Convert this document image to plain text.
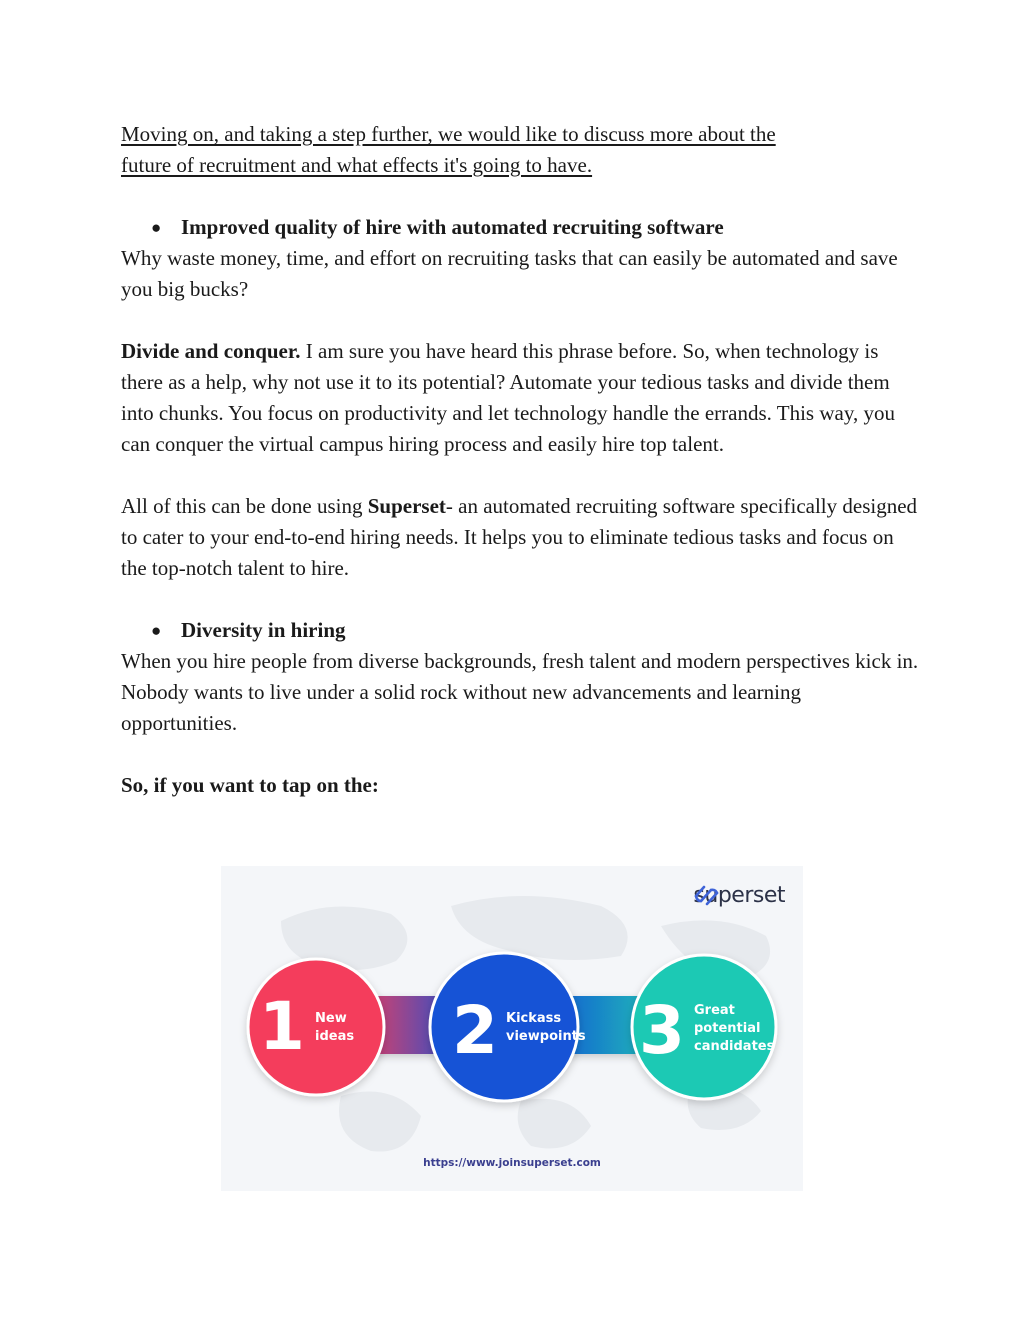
Moving on, and taking a step further, we would like to discuss more about the
future of recruitment and what effects it's going to have.

● Improved quality of hire with automated recruiting software

Why waste money, time, and effort on recruiting tasks that can easily be automated and save you big bucks?

Divide and conquer. I am sure you have heard this phrase before. So, when technology is there as a help, why not use it to its potential? Automate your tedious tasks and divide them into chunks. You focus on productivity and let technology handle the errands. This way, you can conquer the virtual campus hiring process and easily hire top talent.

All of this can be done using Superset- an automated recruiting software specifically designed to cater to your end-to-end hiring needs. It helps you to eliminate tedious tasks and focus on the top-notch talent to hire.

● Diversity in hiring

When you hire people from diverse backgrounds, fresh talent and modern perspectives kick in. Nobody wants to live under a solid rock without new advancements and learning opportunities.

So, if you want to tap on the:

superset
1 New
ideas 2 Kickass
viewpoints 3 Great
potential
candidates
https://www.joinsuperset.com
